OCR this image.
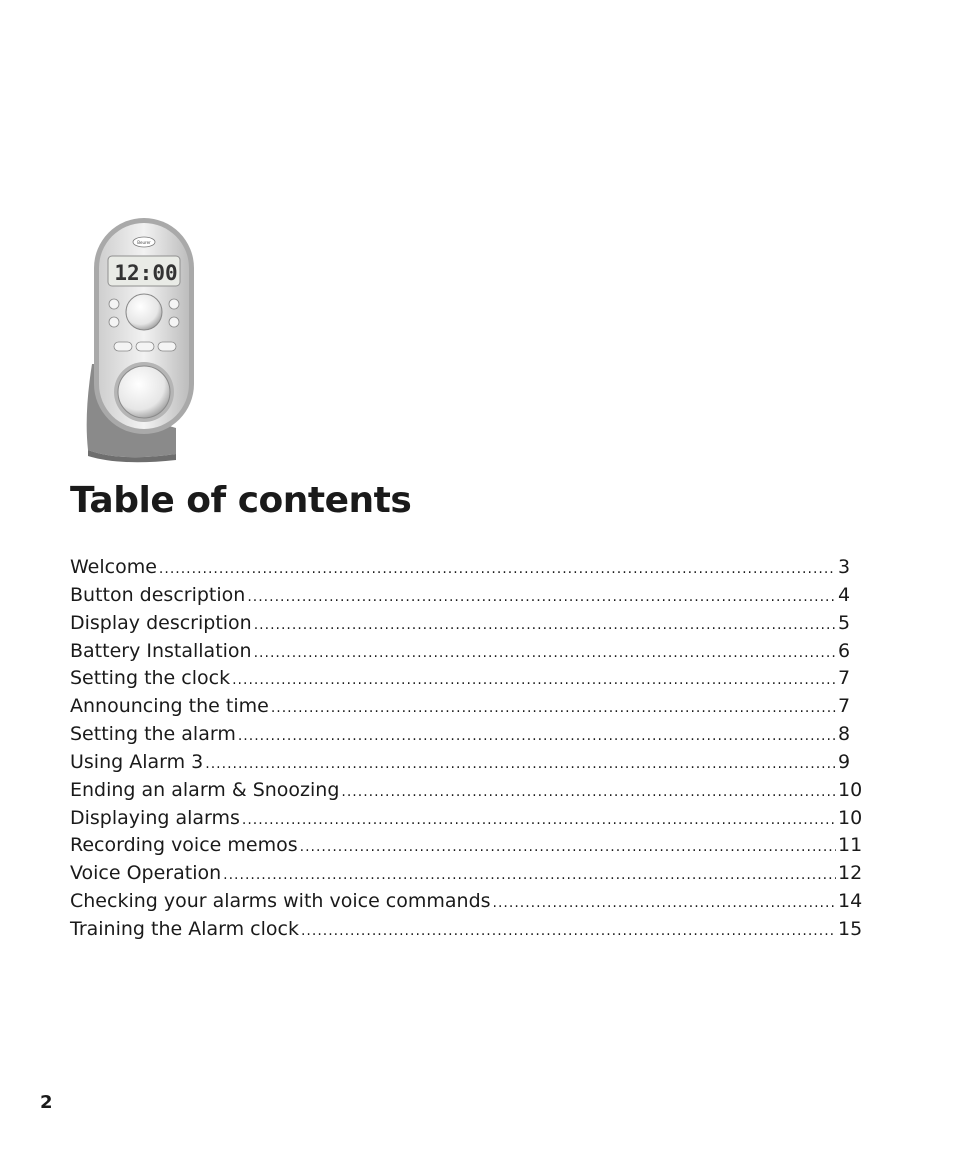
Beurer
12:00
Table of contents
Welcome .....	3
Button description .....	4
Display description .....	5
Battery Installation .....	6
Setting the clock .....	7
Announcing the time .....	7
Setting the alarm .....	8
Using Alarm 3 .....	9
Ending an alarm & Snoozing .....	10
Displaying alarms .....	10
Recording voice memos .....	11
Voice Operation .....	12
Checking your alarms with voice commands .....	14
Training the Alarm clock .....	15
2
